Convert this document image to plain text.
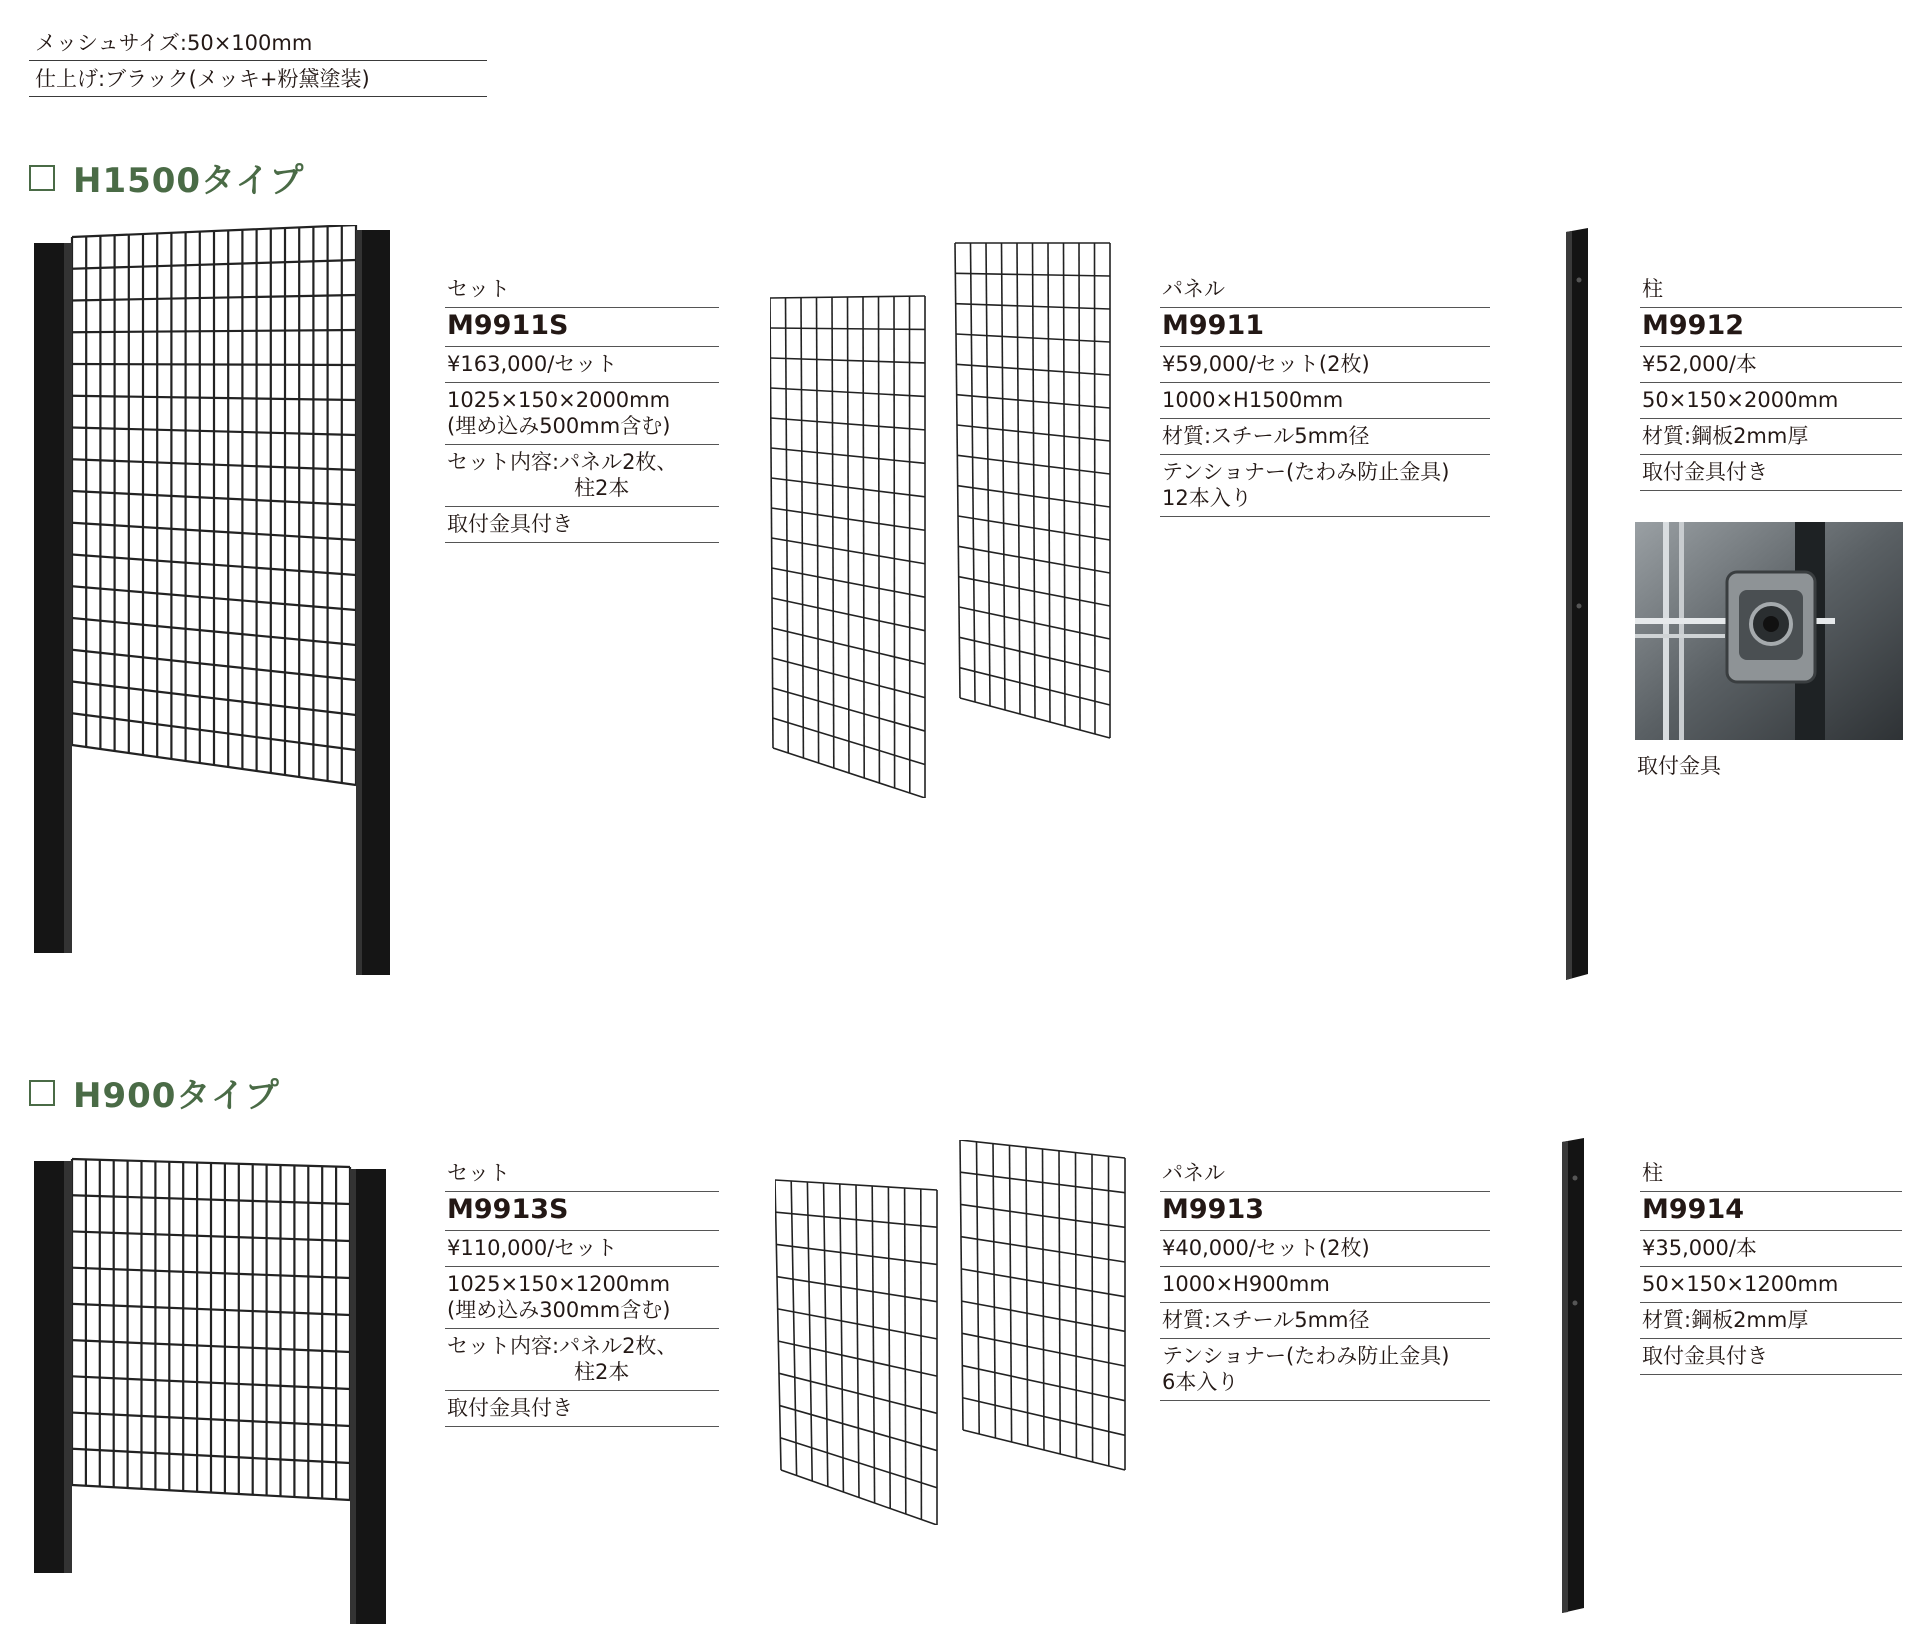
メッシュサイズ:50×100mm
仕上げ:ブラック(メッキ+粉黛塗装)
H1500タイプ
セット
M9911S
¥163,000/セット
1025×150×2000mm
(埋め込み500mm含む)
セット内容:パネル2枚、
柱2本
取付金具付き
パネル
M9911
¥59,000/セット(2枚)
1000×H1500mm
材質:スチール5mm径
テンショナー(たわみ防止金具)
12本入り
柱
M9912
¥52,000/本
50×150×2000mm
材質:鋼板2mm厚
取付金具付き
取付金具
H900タイプ
セット
M9913S
¥110,000/セット
1025×150×1200mm
(埋め込み300mm含む)
セット内容:パネル2枚、
柱2本
取付金具付き
パネル
M9913
¥40,000/セット(2枚)
1000×H900mm
材質:スチール5mm径
テンショナー(たわみ防止金具)
6本入り
柱
M9914
¥35,000/本
50×150×1200mm
材質:鋼板2mm厚
取付金具付き
